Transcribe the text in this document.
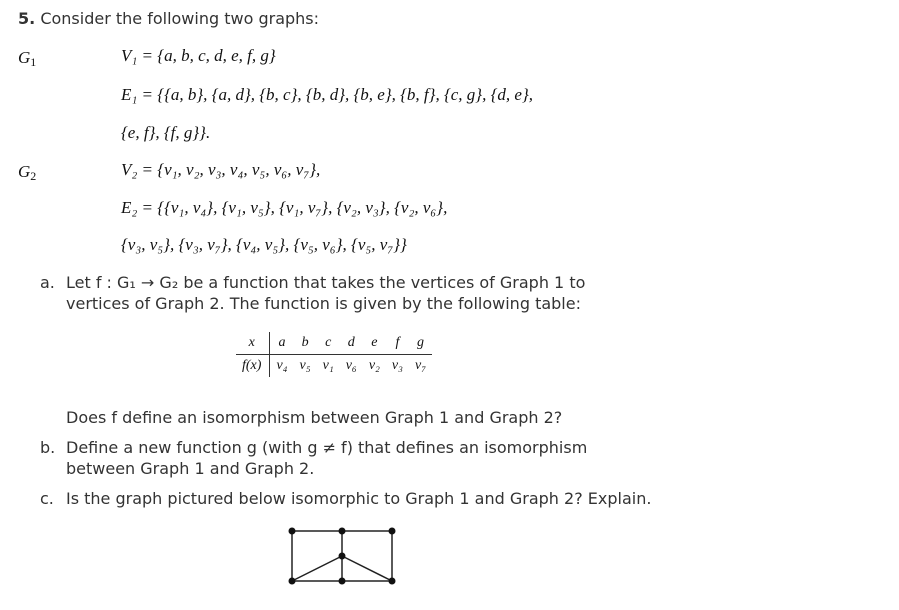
5. Consider the following two graphs:
G1	V₁ = {a, b, c, d, e, f, g}
E₁ = {{a, b}, {a, d}, {b, c}, {b, d}, {b, e}, {b, f}, {c, g}, {d, e},
{e, f}, {f, g}}.
G2	V₂ = {v₁, v₂, v₃, v₄, v₅, v₆, v₇},
E₂ = {{v₁, v₄}, {v₁, v₅}, {v₁, v₇}, {v₂, v₃}, {v₂, v₆},
{v₃, v₅}, {v₃, v₇}, {v₄, v₅}, {v₅, v₆}, {v₅, v₇}}
a. Let f : G₁ → G₂ be a function that takes the vertices of Graph 1 to
vertices of Graph 2. The function is given by the following table:
x	a	b	c	d	e	f	g
f(x)	v₄	v₅	v₁	v₆	v₂	v₃	v₇
Does f define an isomorphism between Graph 1 and Graph 2?
b. Define a new function g (with g ≠ f) that defines an isomorphism
between Graph 1 and Graph 2.
c. Is the graph pictured below isomorphic to Graph 1 and Graph 2? Explain.
